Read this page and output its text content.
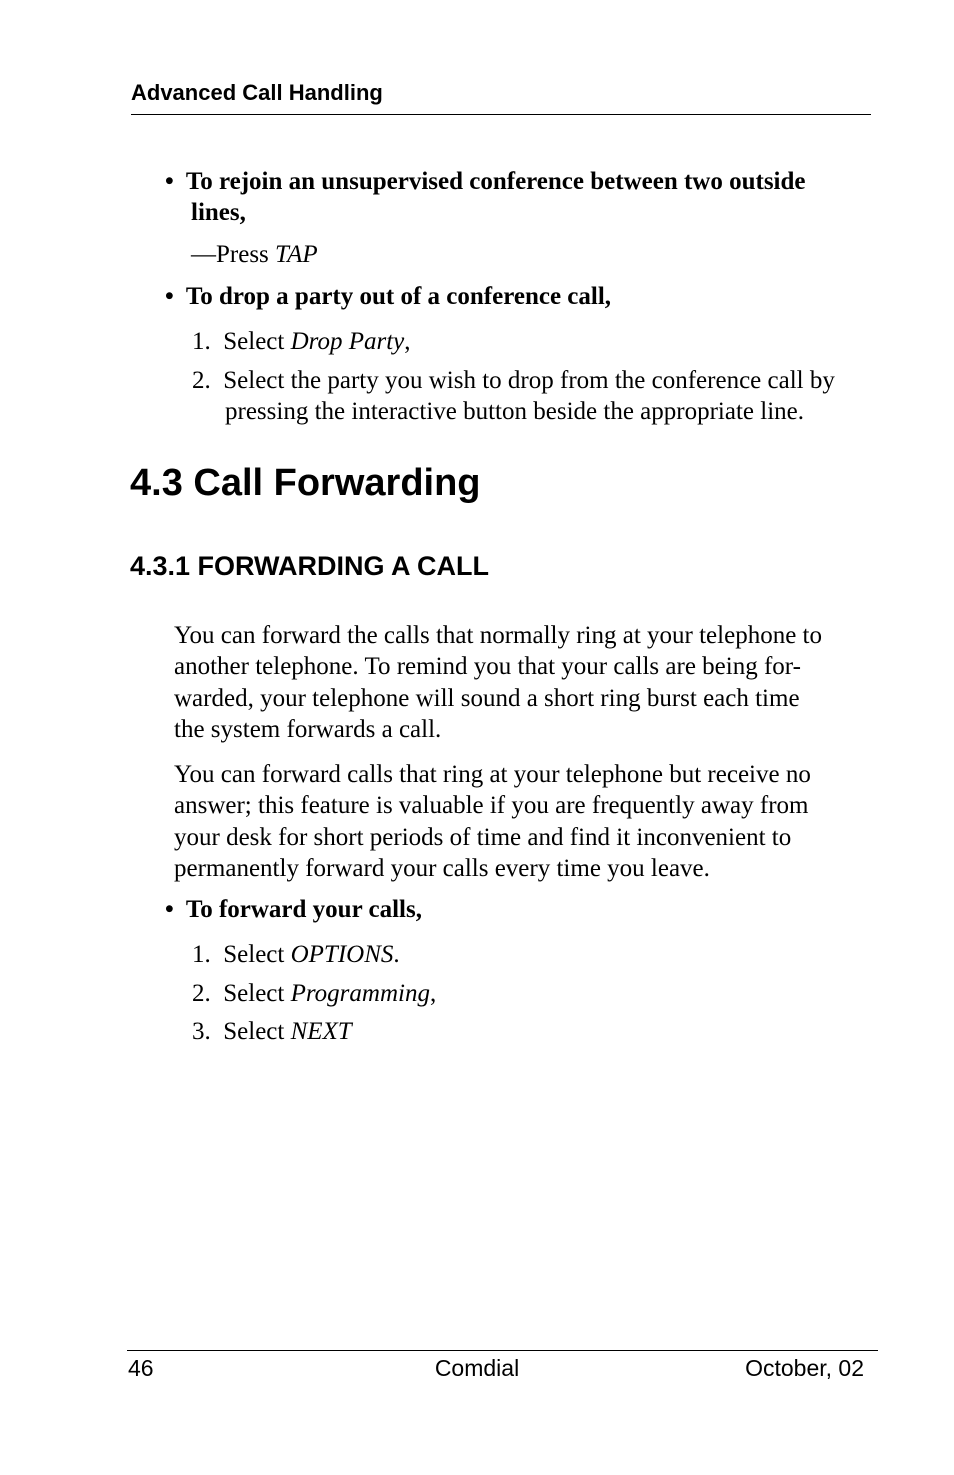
Advanced Call Handling
• To rejoin an unsupervised conference between two outside
lines,
—Press TAP
• To drop a party out of a conference call,
1. Select Drop Party,
2. Select the party you wish to drop from the conference call by
pressing the interactive button beside the appropriate line.
4.3 Call Forwarding
4.3.1 FORWARDING A CALL
You can forward the calls that normally ring at your telephone to
another telephone. To remind you that your calls are being for-
warded, your telephone will sound a short ring burst each time
the system forwards a call.
You can forward calls that ring at your telephone but receive no
answer; this feature is valuable if you are frequently away from
your desk for short periods of time and find it inconvenient to
permanently forward your calls every time you leave.
• To forward your calls,
1. Select OPTIONS.
2. Select Programming,
3. Select NEXT
46	Comdial	October, 02
